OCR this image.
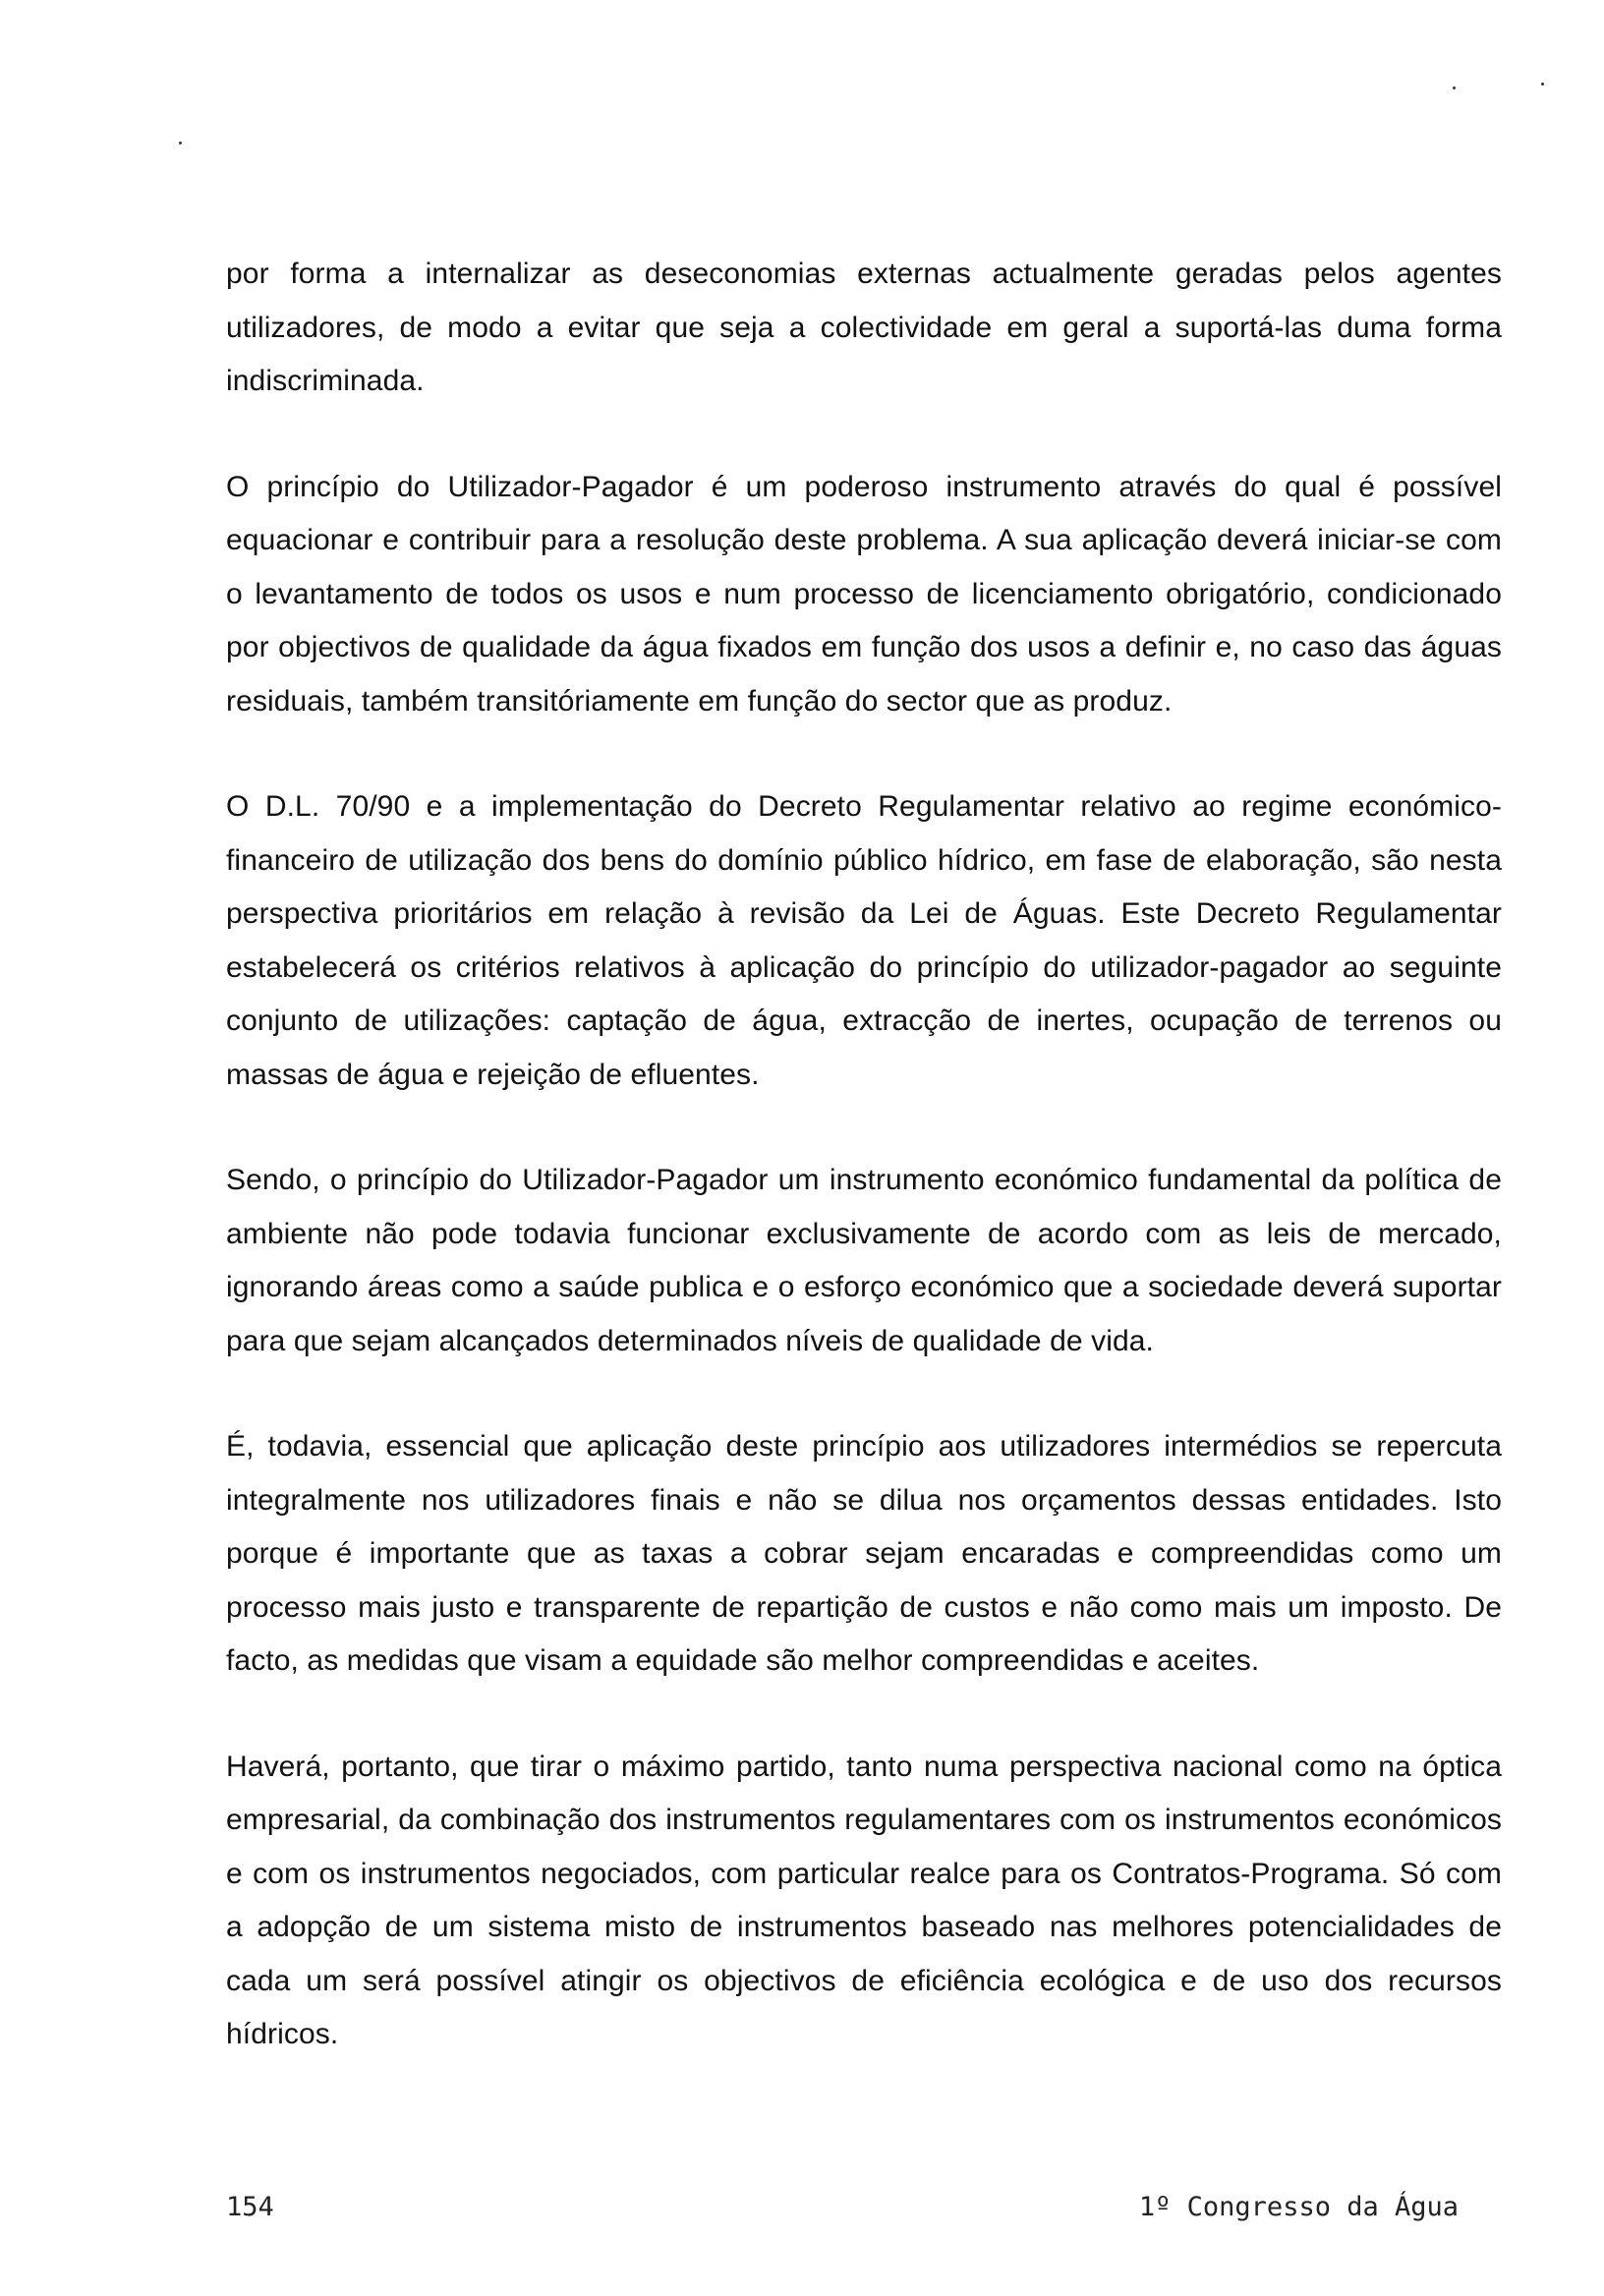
por forma a internalizar as deseconomias externas actualmente geradas pelos agentes utilizadores, de modo a evitar que seja a colectividade em geral a suportá-las duma forma indiscriminada.

O princípio do Utilizador-Pagador é um poderoso instrumento através do qual é possível equacionar e contribuir para a resolução deste problema. A sua aplicação deverá iniciar-se com o levantamento de todos os usos e num processo de licenciamento obrigatório, condicionado por objectivos de qualidade da água fixados em função dos usos a definir e, no caso das águas residuais, também transitóriamente em função do sector que as produz.

O D.L. 70/90 e a implementação do Decreto Regulamentar relativo ao regime económico-financeiro de utilização dos bens do domínio público hídrico, em fase de elaboração, são nesta perspectiva prioritários em relação à revisão da Lei de Águas. Este Decreto Regulamentar estabelecerá os critérios relativos à aplicação do princípio do utilizador-pagador ao seguinte conjunto de utilizações: captação de água, extracção de inertes, ocupação de terrenos ou massas de água e rejeição de efluentes.

Sendo, o princípio do Utilizador-Pagador um instrumento económico fundamental da política de ambiente não pode todavia funcionar exclusivamente de acordo com as leis de mercado, ignorando áreas como a saúde publica e o esforço económico que a sociedade deverá suportar para que sejam alcançados determinados níveis de qualidade de vida.

É, todavia, essencial que aplicação deste princípio aos utilizadores intermédios se repercuta integralmente nos utilizadores finais e não se dilua nos orçamentos dessas entidades. Isto porque é importante que as taxas a cobrar sejam encaradas e compreendidas como um processo mais justo e transparente de repartição de custos e não como mais um imposto. De facto, as medidas que visam a equidade são melhor compreendidas e aceites.

Haverá, portanto, que tirar o máximo partido, tanto numa perspectiva nacional como na óptica empresarial, da combinação dos instrumentos regulamentares com os instrumentos económicos e com os instrumentos negociados, com particular realce para os Contratos-Programa. Só com a adopção de um sistema misto de instrumentos baseado nas melhores potencialidades de cada um será possível atingir os objectivos de eficiência ecológica e de uso dos recursos hídricos.

154	1º Congresso da Água
